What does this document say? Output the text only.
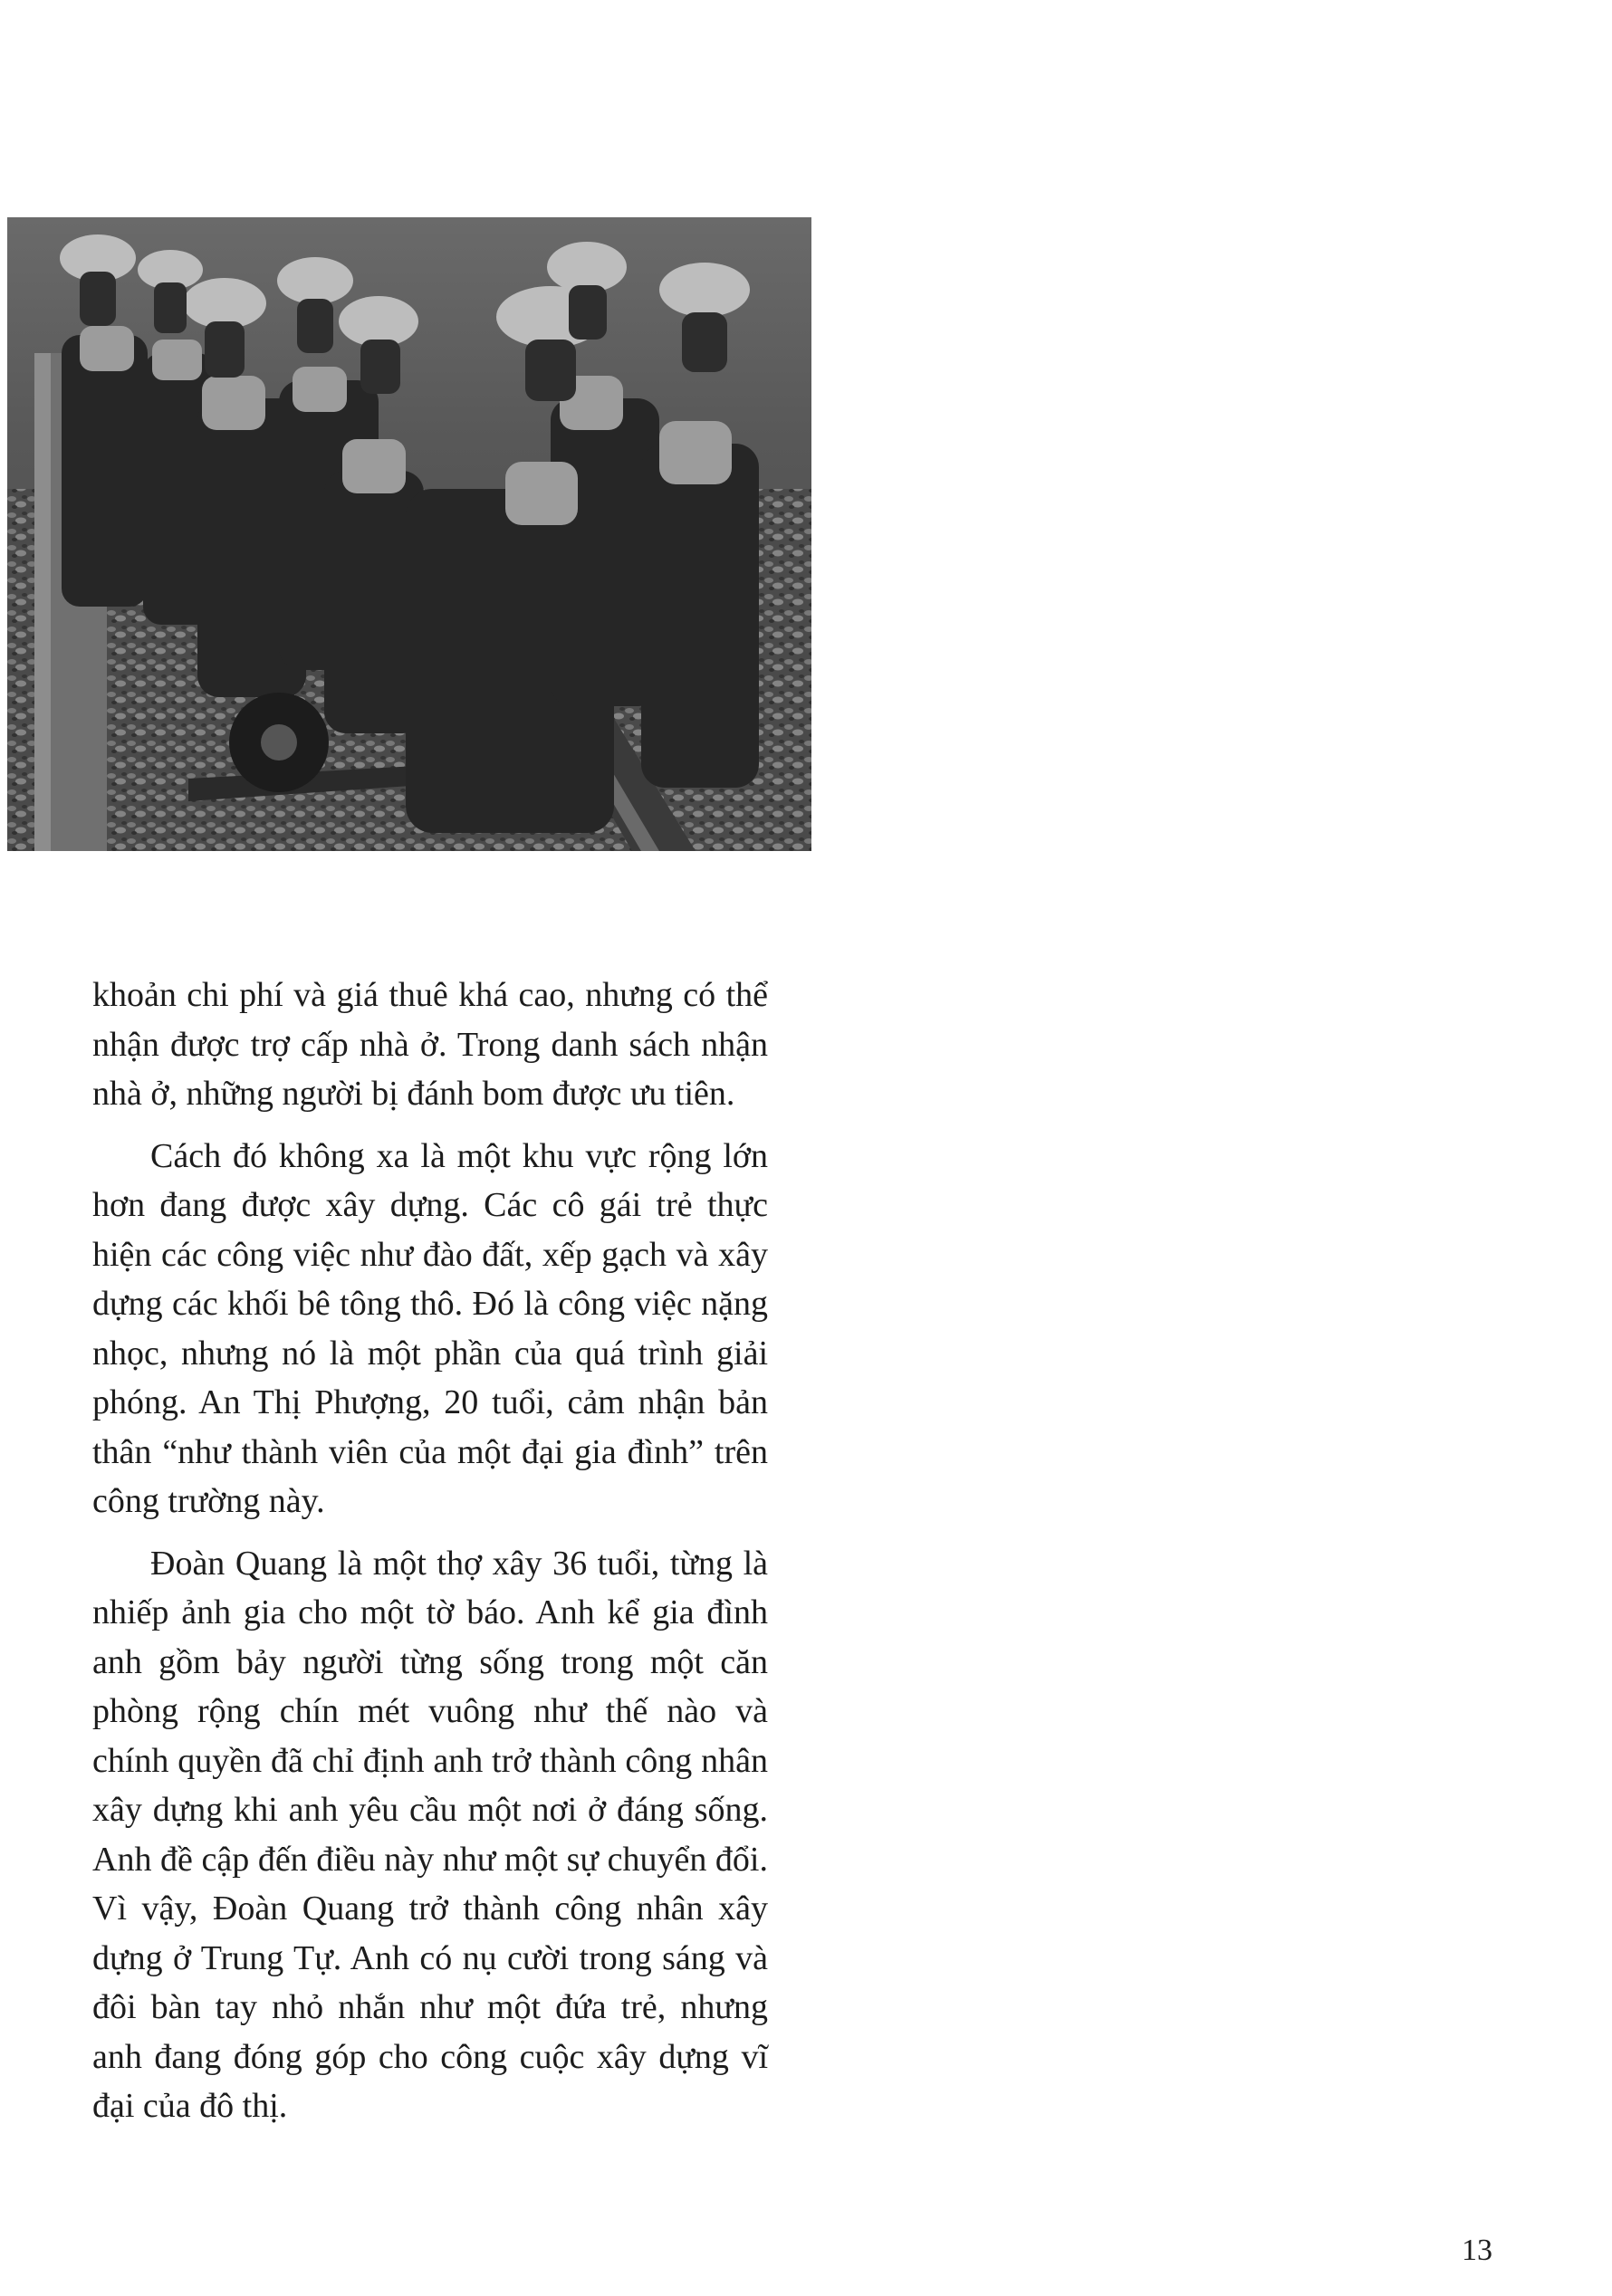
khoản chi phí và giá thuê khá cao, nhưng có thể nhận được trợ cấp nhà ở. Trong danh sách nhận nhà ở, những người bị đánh bom được ưu tiên.

Cách đó không xa là một khu vực rộng lớn hơn đang được xây dựng. Các cô gái trẻ thực hiện các công việc như đào đất, xếp gạch và xây dựng các khối bê tông thô. Đó là công việc nặng nhọc, nhưng nó là một phần của quá trình giải phóng. An Thị Phượng, 20 tuổi, cảm nhận bản thân “như thành viên của một đại gia đình” trên công trường này.

Đoàn Quang là một thợ xây 36 tuổi, từng là nhiếp ảnh gia cho một tờ báo. Anh kể gia đình anh gồm bảy người từng sống trong một căn phòng rộng chín mét vuông như thế nào và chính quyền đã chỉ định anh trở thành công nhân xây dựng khi anh yêu cầu một nơi ở đáng sống. Anh đề cập đến điều này như một sự chuyển đổi. Vì vậy, Đoàn Quang trở thành công nhân xây dựng ở Trung Tự. Anh có nụ cười trong sáng và đôi bàn tay nhỏ nhắn như một đứa trẻ, nhưng anh đang đóng góp cho công cuộc xây dựng vĩ đại của đô thị.

13
